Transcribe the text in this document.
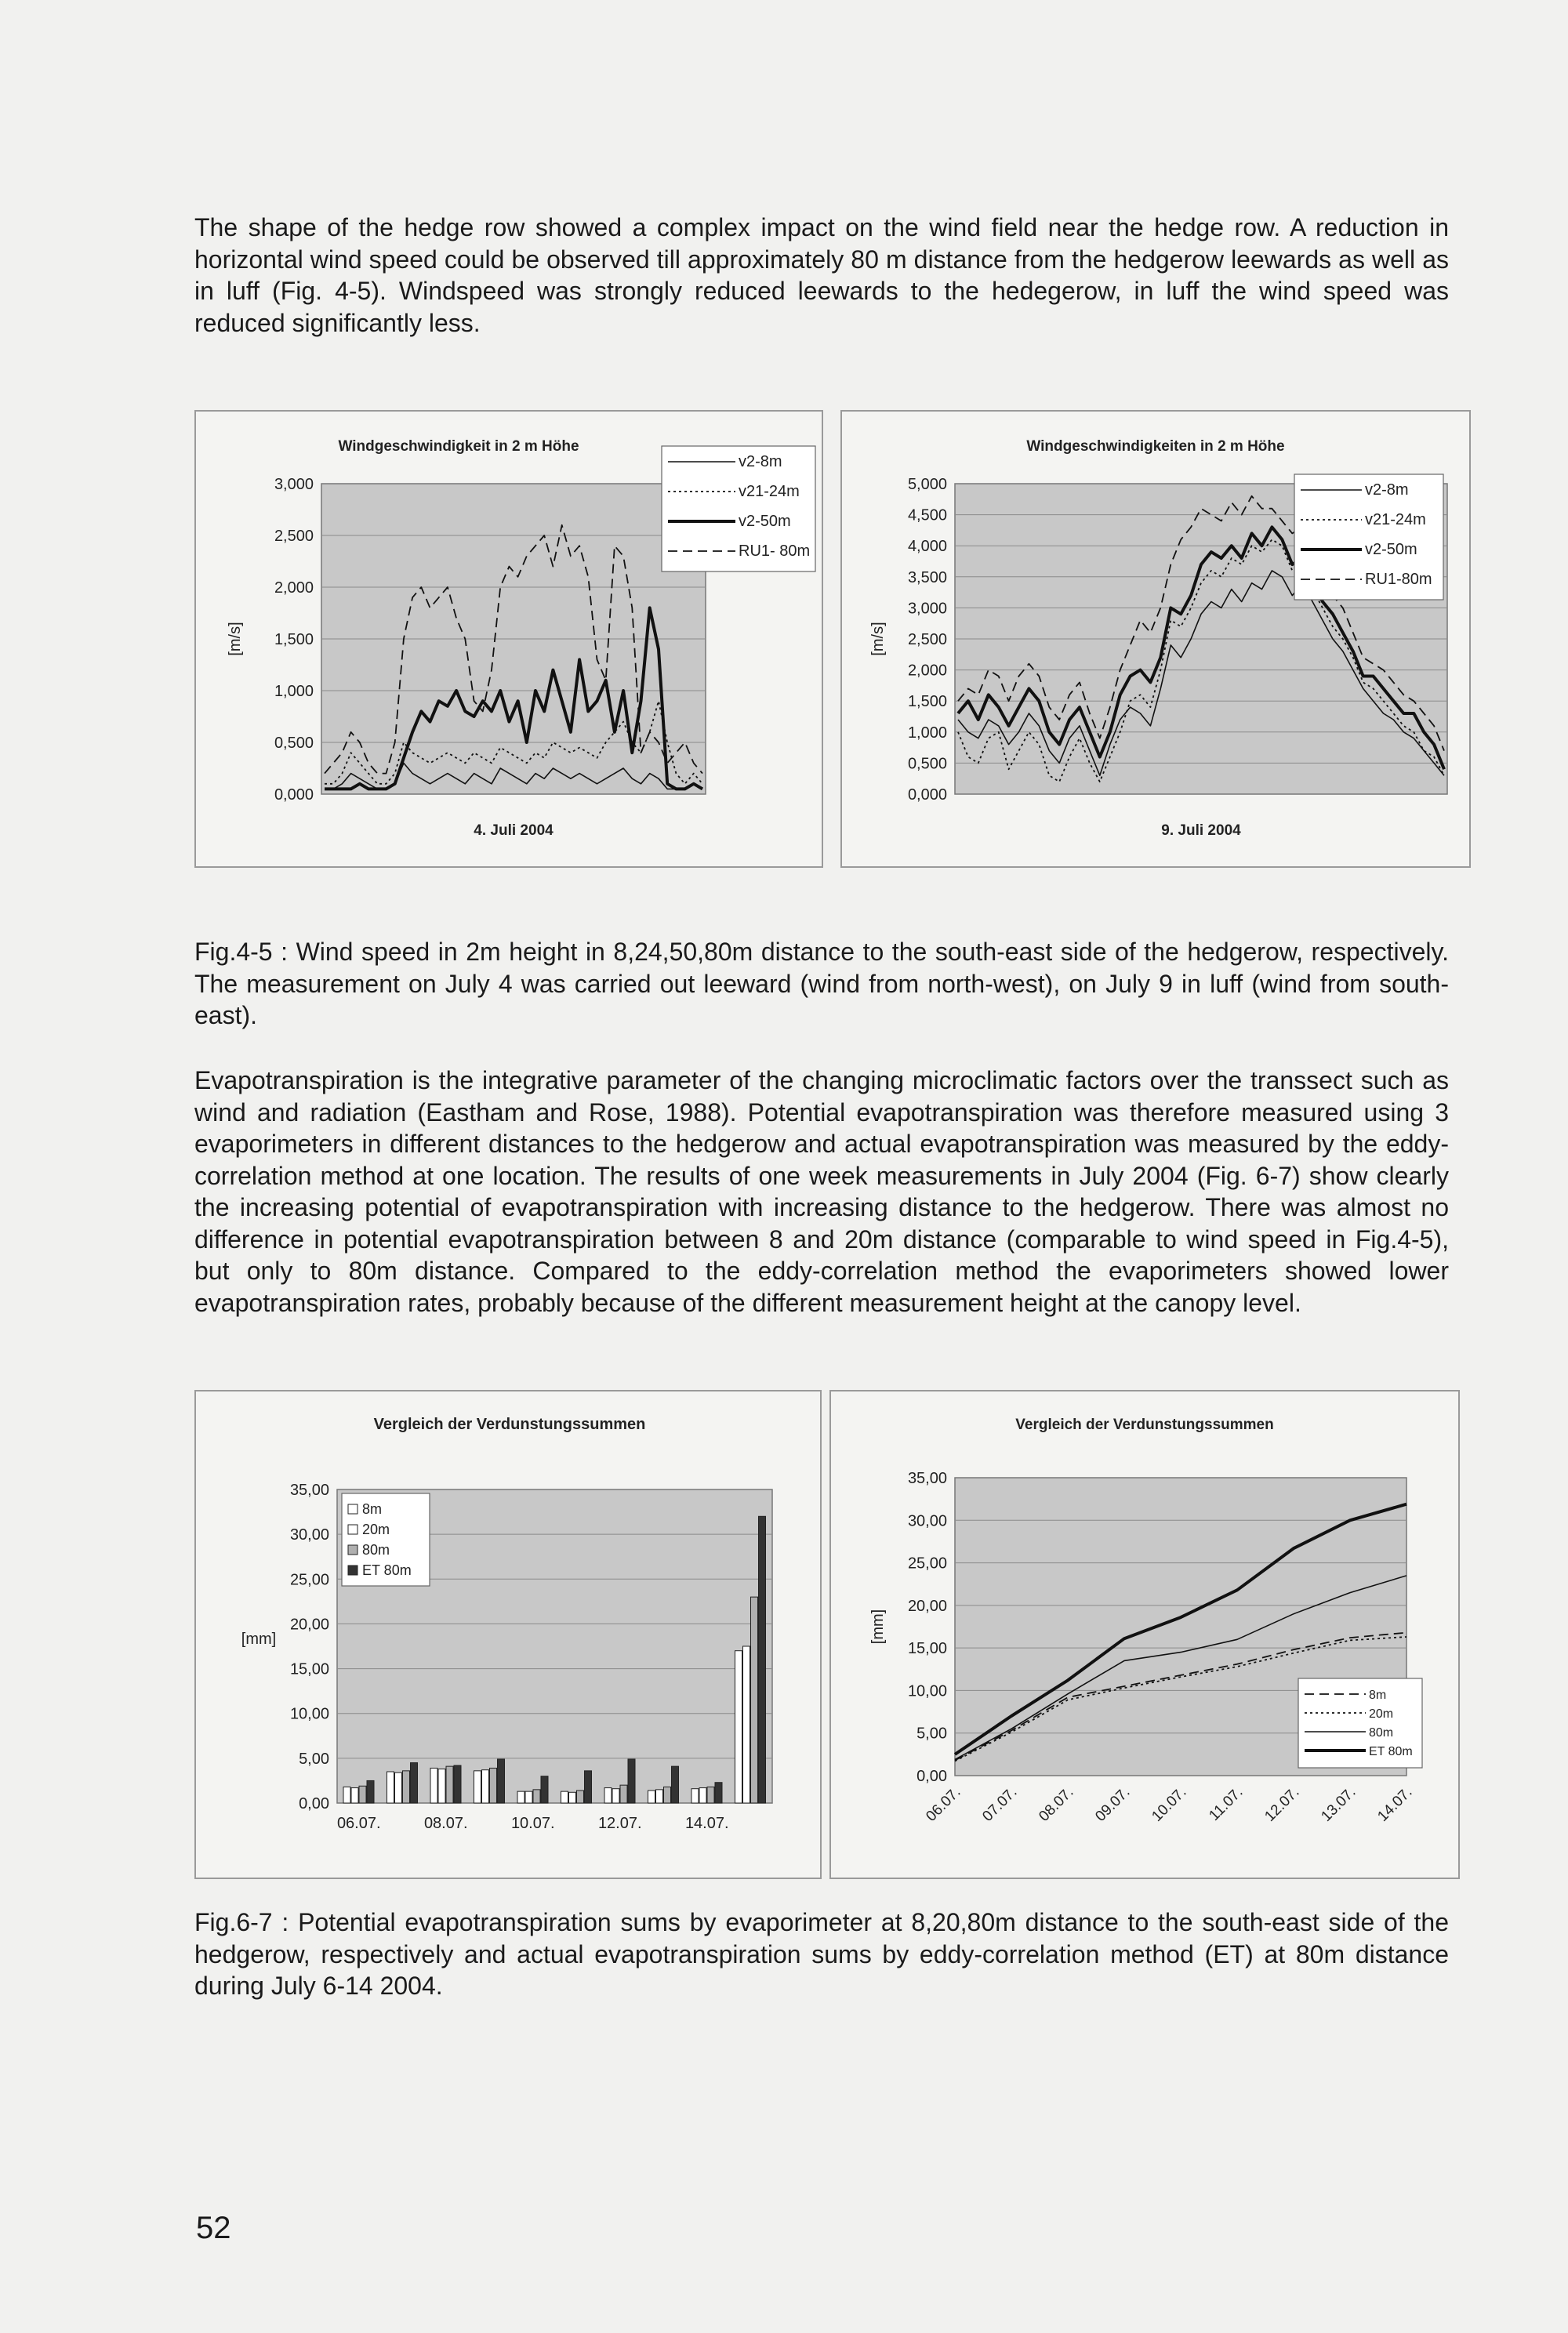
The shape of the hedge row showed a complex impact on the wind field near the hedge row. A reduction in horizontal wind speed could be observed till approximately 80 m distance from the hedgerow leewards as well as in luff (Fig. 4-5). Windspeed was strongly reduced leewards to the hedegerow, in luff the wind speed was reduced significantly less.

Windgeschwindigkeit in 2 m Höhe
0,000
0,500
1,000
1,500
2,000
2,500
3,000
[m/s]
4. Juli 2004
v2-8m
v21-24m
v2-50m
RU1- 80m
Windgeschwindigkeiten in 2 m Höhe
0,000
0,500
1,000
1,500
2,000
2,500
3,000
3,500
4,000
4,500
5,000
[m/s]
9. Juli 2004
v2-8m
v21-24m
v2-50m
RU1-80m

Fig.4-5 : Wind speed in 2m height in 8,24,50,80m distance to the south-east side of the hedgerow, respectively. The measurement on July 4 was carried out leeward (wind from north-west), on July 9 in luff (wind from south-east).

Evapotranspiration is the integrative parameter of the changing microclimatic factors over the transsect such as wind and radiation (Eastham and Rose, 1988). Potential evapotranspiration was therefore measured using 3 evaporimeters in different distances to the hedgerow and actual evapotranspiration was measured by the eddy-correlation method at one location. The results of one week measurements in July 2004 (Fig. 6-7) show clearly the increasing potential of evapotranspiration with increasing distance to the hedgerow. There was almost no difference in potential evapotranspiration between 8 and 20m distance (comparable to wind speed in Fig.4-5), but only to 80m distance. Compared to the eddy-correlation method the evaporimeters showed lower evapotranspiration rates, probably because of the different measurement height at the canopy level.

Vergleich der Verdunstungssummen
0,00
5,00
10,00
15,00
20,00
25,00
30,00
35,00
[mm]
06.07.	08.07.	10.07.	12.07.	14.07.
8m
20m
80m
ET 80m
Vergleich der Verdunstungssummen
0,00
5,00
10,00
15,00
20,00
25,00
30,00
35,00
[mm]
06.07. 07.07. 08.07. 09.07. 10.07. 11.07. 12.07. 13.07. 14.07.
8m
20m
80m
ET 80m

Fig.6-7 : Potential evapotranspiration sums by evaporimeter at 8,20,80m distance to the south-east side of the hedgerow, respectively and actual evapotranspiration sums by eddy-correlation method (ET) at 80m distance during July 6-14 2004.

52
